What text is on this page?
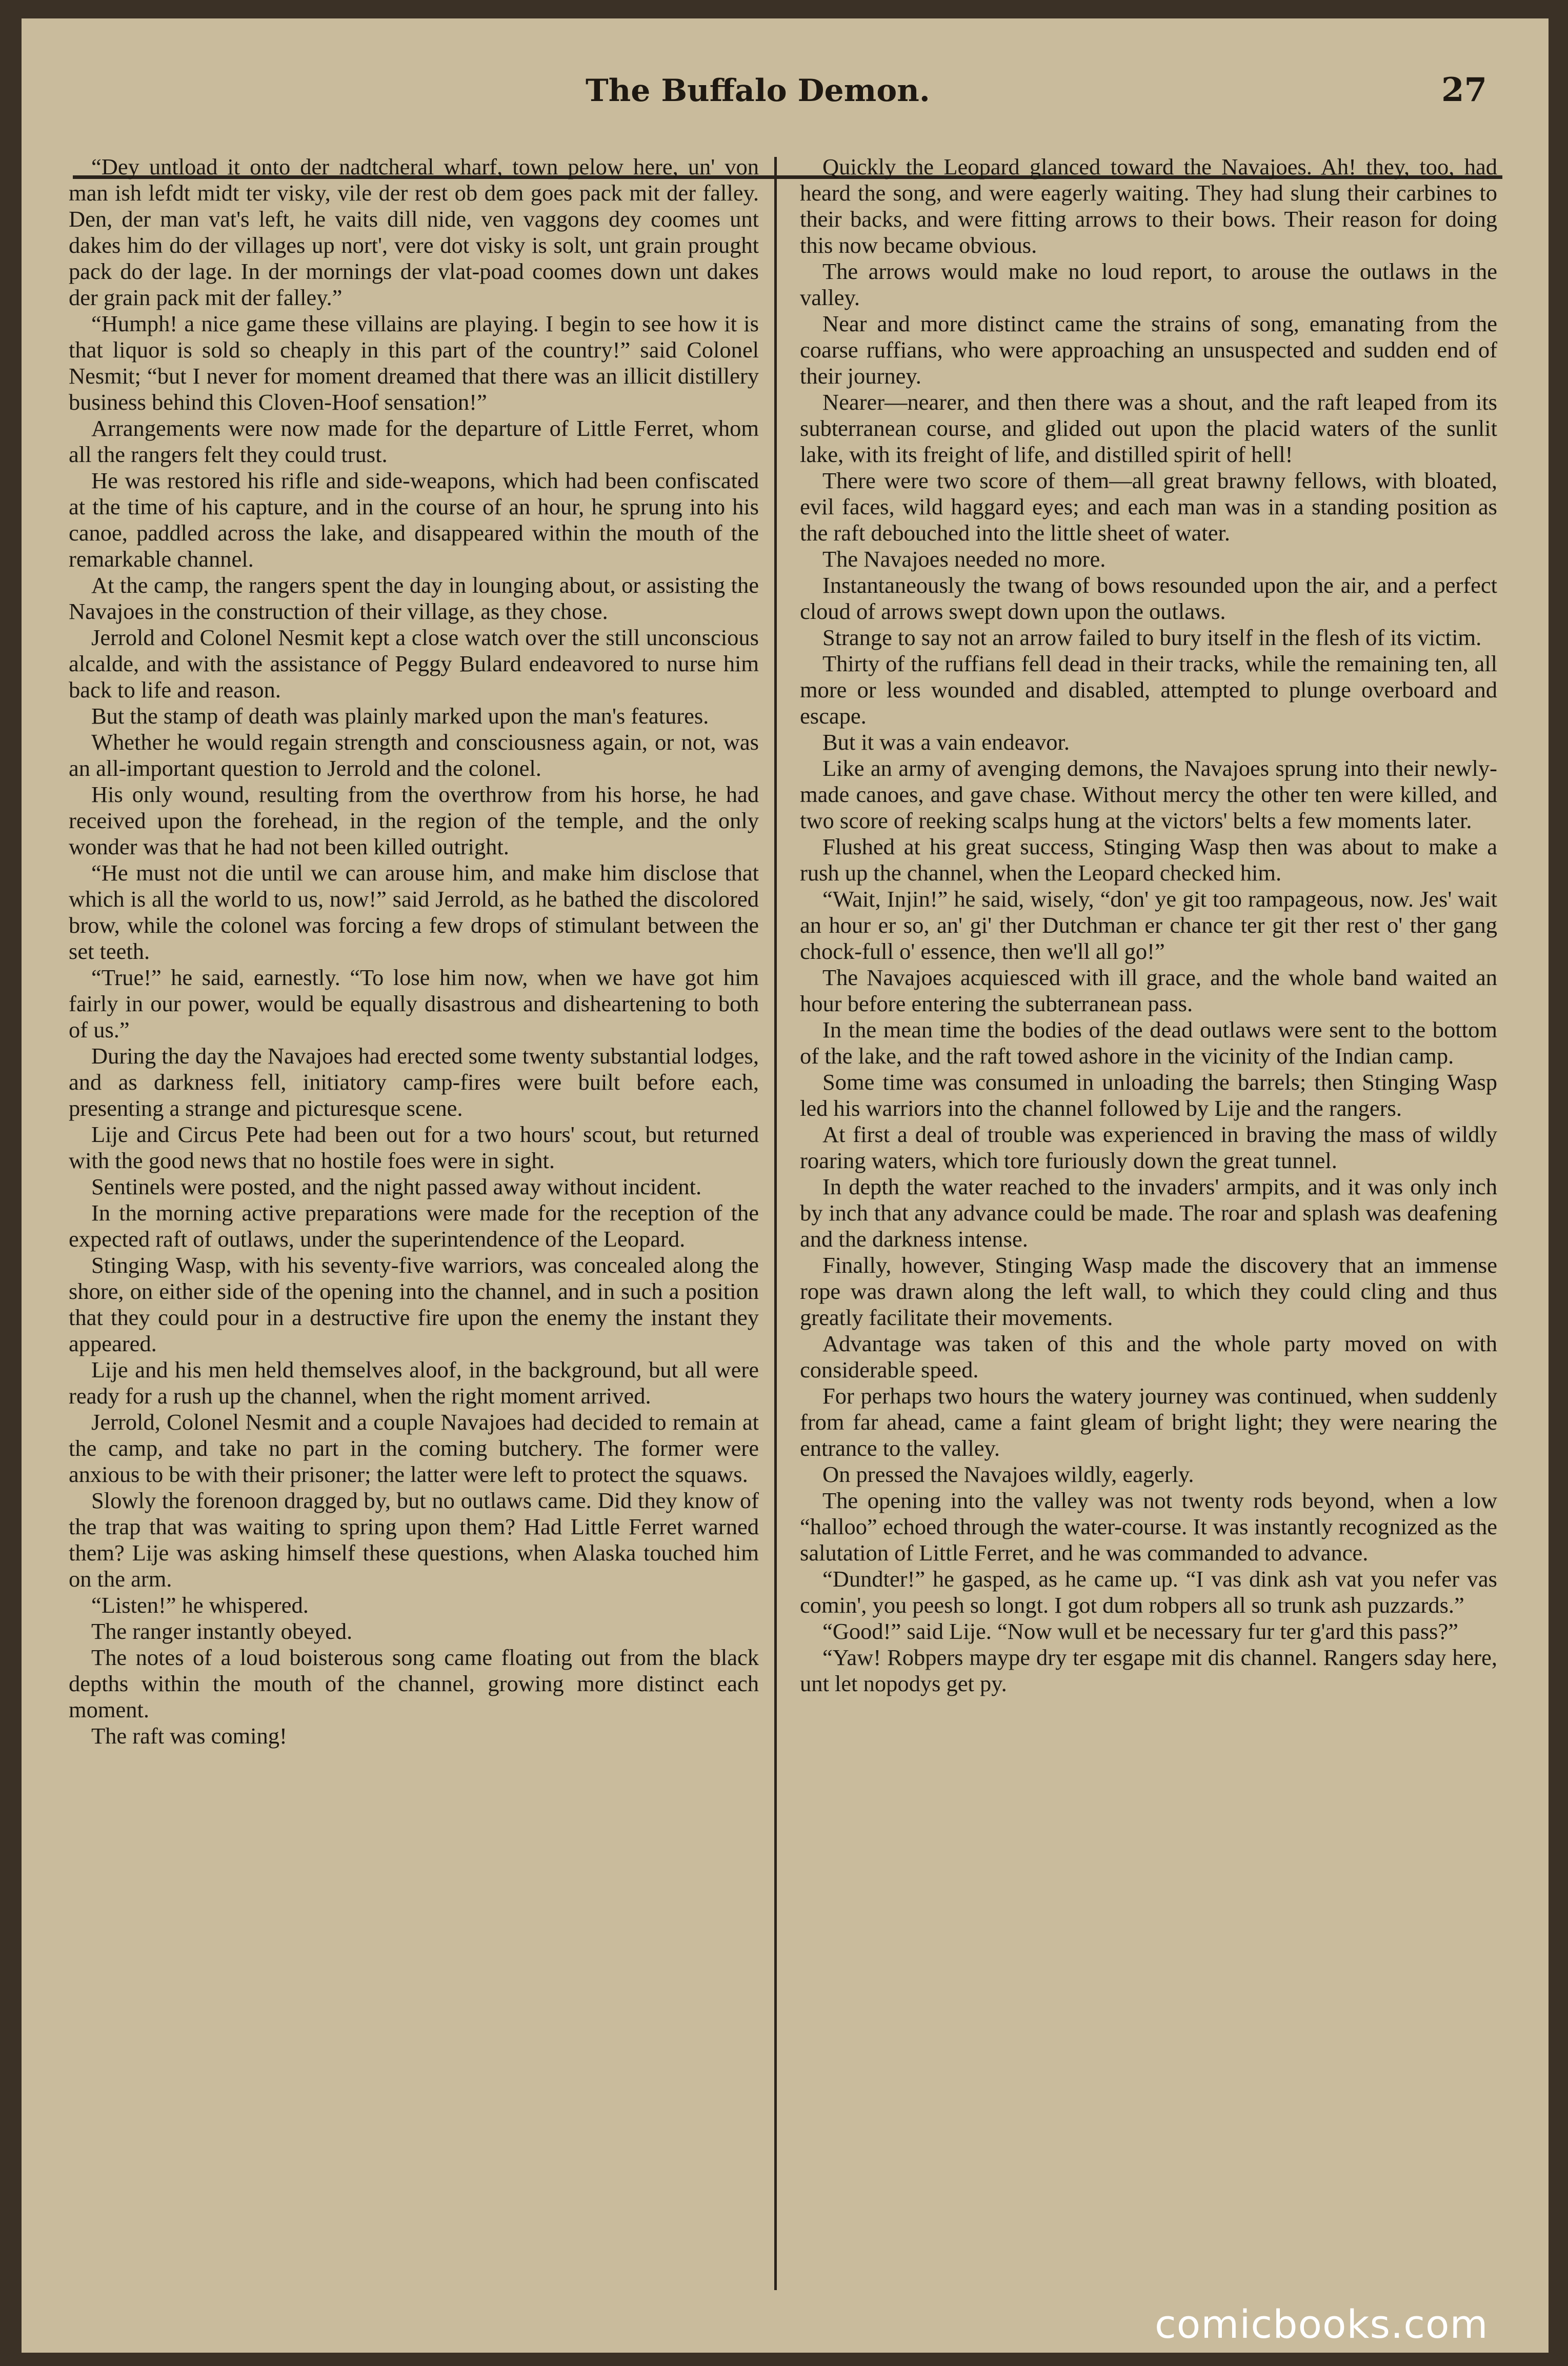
The Buffalo Demon.	27

“Dey untload it onto der nadtcheral wharf, town pelow here, un' von man ish lefdt midt ter visky, vile der rest ob dem goes pack mit der falley. Den, der man vat's left, he vaits dill nide, ven vaggons dey coomes unt dakes him do der villages up nort', vere dot visky is solt, unt grain prought pack do der lage. In der mornings der vlat-poad coomes down unt dakes der grain pack mit der falley.”

“Humph! a nice game these villains are playing. I begin to see how it is that liquor is sold so cheaply in this part of the country!” said Colonel Nesmit; “but I never for moment dreamed that there was an illicit distillery business behind this Cloven-Hoof sensation!”

Arrangements were now made for the departure of Little Ferret, whom all the rangers felt they could trust.

He was restored his rifle and side-weapons, which had been confiscated at the time of his capture, and in the course of an hour, he sprung into his canoe, paddled across the lake, and disappeared within the mouth of the remarkable channel.

At the camp, the rangers spent the day in lounging about, or assisting the Navajoes in the construction of their village, as they chose.

Jerrold and Colonel Nesmit kept a close watch over the still unconscious alcalde, and with the assistance of Peggy Bulard endeavored to nurse him back to life and reason.

But the stamp of death was plainly marked upon the man's features.

Whether he would regain strength and consciousness again, or not, was an all-important question to Jerrold and the colonel.

His only wound, resulting from the overthrow from his horse, he had received upon the forehead, in the region of the temple, and the only wonder was that he had not been killed outright.

“He must not die until we can arouse him, and make him disclose that which is all the world to us, now!” said Jerrold, as he bathed the discolored brow, while the colonel was forcing a few drops of stimulant between the set teeth.

“True!” he said, earnestly. “To lose him now, when we have got him fairly in our power, would be equally disastrous and disheartening to both of us.”

During the day the Navajoes had erected some twenty substantial lodges, and as darkness fell, initiatory camp-fires were built before each, presenting a strange and picturesque scene.

Lije and Circus Pete had been out for a two hours' scout, but returned with the good news that no hostile foes were in sight.

Sentinels were posted, and the night passed away without incident.

In the morning active preparations were made for the reception of the expected raft of outlaws, under the superintendence of the Leopard.

Stinging Wasp, with his seventy-five warriors, was concealed along the shore, on either side of the opening into the channel, and in such a position that they could pour in a destructive fire upon the enemy the instant they appeared.

Lije and his men held themselves aloof, in the background, but all were ready for a rush up the channel, when the right moment arrived.

Jerrold, Colonel Nesmit and a couple Navajoes had decided to remain at the camp, and take no part in the coming butchery. The former were anxious to be with their prisoner; the latter were left to protect the squaws.

Slowly the forenoon dragged by, but no outlaws came. Did they know of the trap that was waiting to spring upon them? Had Little Ferret warned them? Lije was asking himself these questions, when Alaska touched him on the arm.

“Listen!” he whispered.

The ranger instantly obeyed.

The notes of a loud boisterous song came floating out from the black depths within the mouth of the channel, growing more distinct each moment.

The raft was coming!

Quickly the Leopard glanced toward the Navajoes. Ah! they, too, had heard the song, and were eagerly waiting. They had slung their carbines to their backs, and were fitting arrows to their bows. Their reason for doing this now became obvious.

The arrows would make no loud report, to arouse the outlaws in the valley.

Near and more distinct came the strains of song, emanating from the coarse ruffians, who were approaching an unsuspected and sudden end of their journey.

Nearer—nearer, and then there was a shout, and the raft leaped from its subterranean course, and glided out upon the placid waters of the sunlit lake, with its freight of life, and distilled spirit of hell!

There were two score of them—all great brawny fellows, with bloated, evil faces, wild haggard eyes; and each man was in a standing position as the raft debouched into the little sheet of water.

The Navajoes needed no more.

Instantaneously the twang of bows resounded upon the air, and a perfect cloud of arrows swept down upon the outlaws.

Strange to say not an arrow failed to bury itself in the flesh of its victim.

Thirty of the ruffians fell dead in their tracks, while the remaining ten, all more or less wounded and disabled, attempted to plunge overboard and escape.

But it was a vain endeavor.

Like an army of avenging demons, the Navajoes sprung into their newly-made canoes, and gave chase. Without mercy the other ten were killed, and two score of reeking scalps hung at the victors' belts a few moments later.

Flushed at his great success, Stinging Wasp then was about to make a rush up the channel, when the Leopard checked him.

“Wait, Injin!” he said, wisely, “don' ye git too rampageous, now. Jes' wait an hour er so, an' gi' ther Dutchman er chance ter git ther rest o' ther gang chock-full o' essence, then we'll all go!”

The Navajoes acquiesced with ill grace, and the whole band waited an hour before entering the subterranean pass.

In the mean time the bodies of the dead outlaws were sent to the bottom of the lake, and the raft towed ashore in the vicinity of the Indian camp.

Some time was consumed in unloading the barrels; then Stinging Wasp led his warriors into the channel followed by Lije and the rangers.

At first a deal of trouble was experienced in braving the mass of wildly roaring waters, which tore furiously down the great tunnel.

In depth the water reached to the invaders' armpits, and it was only inch by inch that any advance could be made. The roar and splash was deafening and the darkness intense.

Finally, however, Stinging Wasp made the discovery that an immense rope was drawn along the left wall, to which they could cling and thus greatly facilitate their movements.

Advantage was taken of this and the whole party moved on with considerable speed.

For perhaps two hours the watery journey was continued, when suddenly from far ahead, came a faint gleam of bright light; they were nearing the entrance to the valley.

On pressed the Navajoes wildly, eagerly.

The opening into the valley was not twenty rods beyond, when a low “halloo” echoed through the water-course. It was instantly recognized as the salutation of Little Ferret, and he was commanded to advance.

“Dundter!” he gasped, as he came up. “I vas dink ash vat you nefer vas comin', you peesh so longt. I got dum robpers all so trunk ash puzzards.”

“Good!” said Lije. “Now wull et be necessary fur ter g'ard this pass?”

“Yaw! Robpers maype dry ter esgape mit dis channel. Rangers sday here, unt let nopodys get py.

comicbooks.com
